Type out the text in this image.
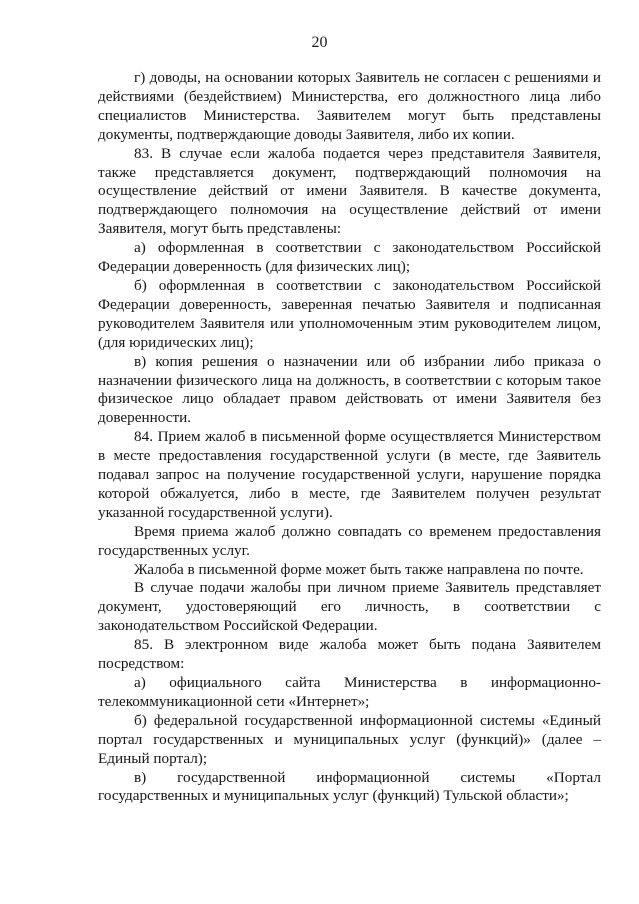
20

г) доводы, на основании которых Заявитель не согласен с решениями и действиями (бездействием) Министерства, его должностного лица либо специалистов Министерства. Заявителем могут быть представлены документы, подтверждающие доводы Заявителя, либо их копии.

83. В случае если жалоба подается через представителя Заявителя, также представляется документ, подтверждающий полномочия на осуществление действий от имени Заявителя. В качестве документа, подтверждающего полномочия на осуществление действий от имени Заявителя, могут быть представлены:

а) оформленная в соответствии с законодательством Российской Федерации доверенность (для физических лиц);

б) оформленная в соответствии с законодательством Российской Федерации доверенность, заверенная печатью Заявителя и подписанная руководителем Заявителя или уполномоченным этим руководителем лицом, (для юридических лиц);

в) копия решения о назначении или об избрании либо приказа о назначении физического лица на должность, в соответствии с которым такое физическое лицо обладает правом действовать от имени Заявителя без доверенности.

84. Прием жалоб в письменной форме осуществляется Министерством в месте предоставления государственной услуги (в месте, где Заявитель подавал запрос на получение государственной услуги, нарушение порядка которой обжалуется, либо в месте, где Заявителем получен результат указанной государственной услуги).

Время приема жалоб должно совпадать со временем предоставления государственных услуг.

Жалоба в письменной форме может быть также направлена по почте.

В случае подачи жалобы при личном приеме Заявитель представляет документ, удостоверяющий его личность, в соответствии с законодательством Российской Федерации.

85. В электронном виде жалоба может быть подана Заявителем посредством:

а) официального сайта Министерства в информационно-телекоммуникационной сети «Интернет»;

б) федеральной государственной информационной системы «Единый портал государственных и муниципальных услуг (функций)» (далее – Единый портал);

в) государственной информационной системы «Портал государственных и муниципальных услуг (функций) Тульской области»;
